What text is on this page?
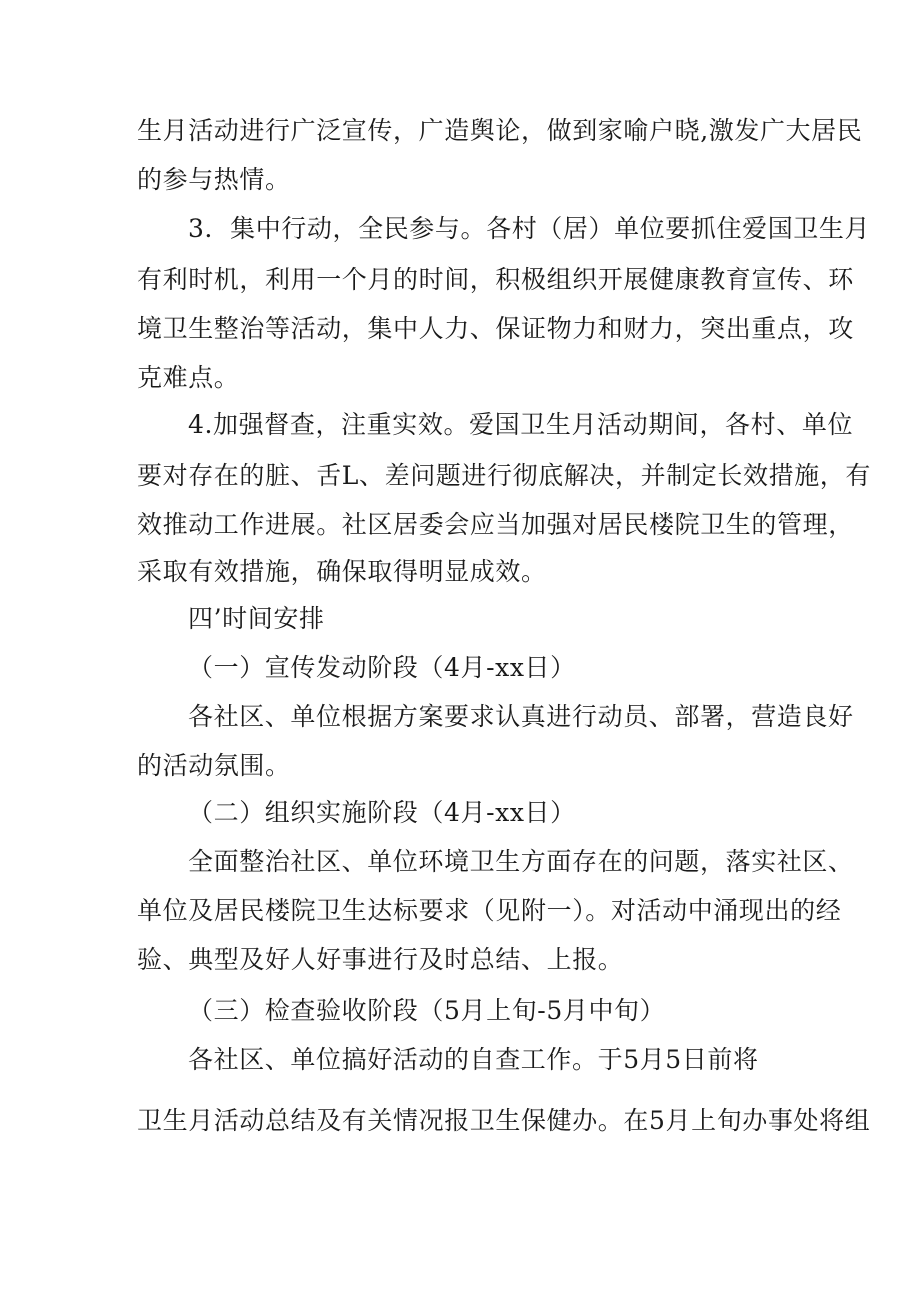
生月活动进行广泛宣传，广造舆论，做到家喻户晓,激发广大居民
的参与热情。
3．集中行动，全民参与。各村（居）单位要抓住爱国卫生月
有利时机，利用一个月的时间，积极组织开展健康教育宣传、环
境卫生整治等活动，集中人力、保证物力和财力，突出重点，攻
克难点。
4.加强督查，注重实效。爱国卫生月活动期间，各村、单位
要对存在的脏、舌L、差问题进行彻底解决，并制定长效措施，有
效推动工作进展。社区居委会应当加强对居民楼院卫生的管理，
采取有效措施，确保取得明显成效。
四’时间安排
（一）宣传发动阶段（4月-xx日）
各社区、单位根据方案要求认真进行动员、部署，营造良好
的活动氛围。
（二）组织实施阶段（4月-xx日）
全面整治社区、单位环境卫生方面存在的问题，落实社区、
单位及居民楼院卫生达标要求（见附一）。对活动中涌现出的经
验、典型及好人好事进行及时总结、上报。
（三）检查验收阶段（5月上旬-5月中旬）
各社区、单位搞好活动的自查工作。于5月5日前将
卫生月活动总结及有关情况报卫生保健办。在5月上旬办事处将组
